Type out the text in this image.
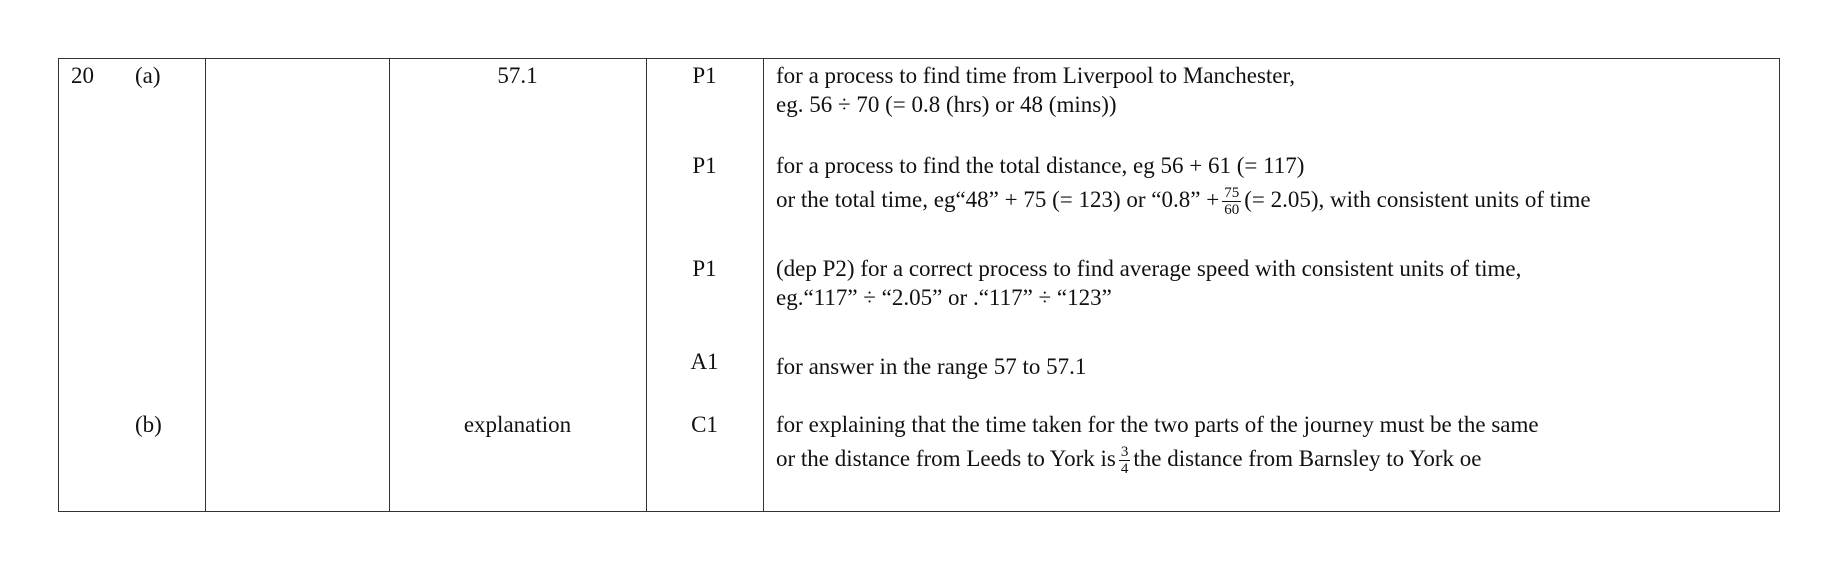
20 (a)
(b)
57.1
explanation
P1
P1
P1
A1
C1
for a process to find time from Liverpool to Manchester,
eg. 56 ÷ 70 (= 0.8 (hrs) or 48 (mins))
for a process to find the total distance, eg 56 + 61 (= 117)
or the total time, eg“48” + 75 (= 123) or “0.8” + $\frac{75}{60}$ (= 2.05), with consistent units of time
(dep P2) for a correct process to find average speed with consistent units of time,
eg.“117” ÷ “2.05” or .“117” ÷ “123”
for answer in the range 57 to 57.1
for explaining that the time taken for the two parts of the journey must be the same
or the distance from Leeds to York is $\frac{3}{4}$ the distance from Barnsley to York oe
